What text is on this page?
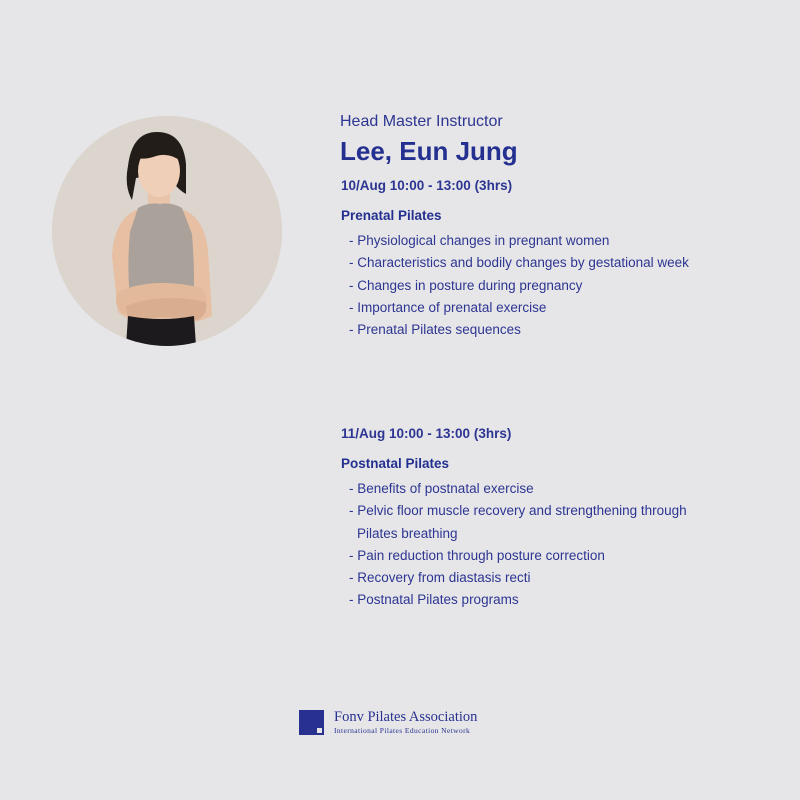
Head Master Instructor

Lee, Eun Jung

10/Aug 10:00 - 13:00 (3hrs)
Prenatal Pilates
- Physiological changes in pregnant women
- Characteristics and bodily changes by gestational week
- Changes in posture during pregnancy
- Importance of prenatal exercise
- Prenatal Pilates sequences
11/Aug 10:00 - 13:00 (3hrs)
Postnatal Pilates
- Benefits of postnatal exercise
- Pelvic floor muscle recovery and strengthening through
Pilates breathing
- Pain reduction through posture correction
- Recovery from diastasis recti
- Postnatal Pilates programs
Fonv Pilates Association
International Pilates Education Network
